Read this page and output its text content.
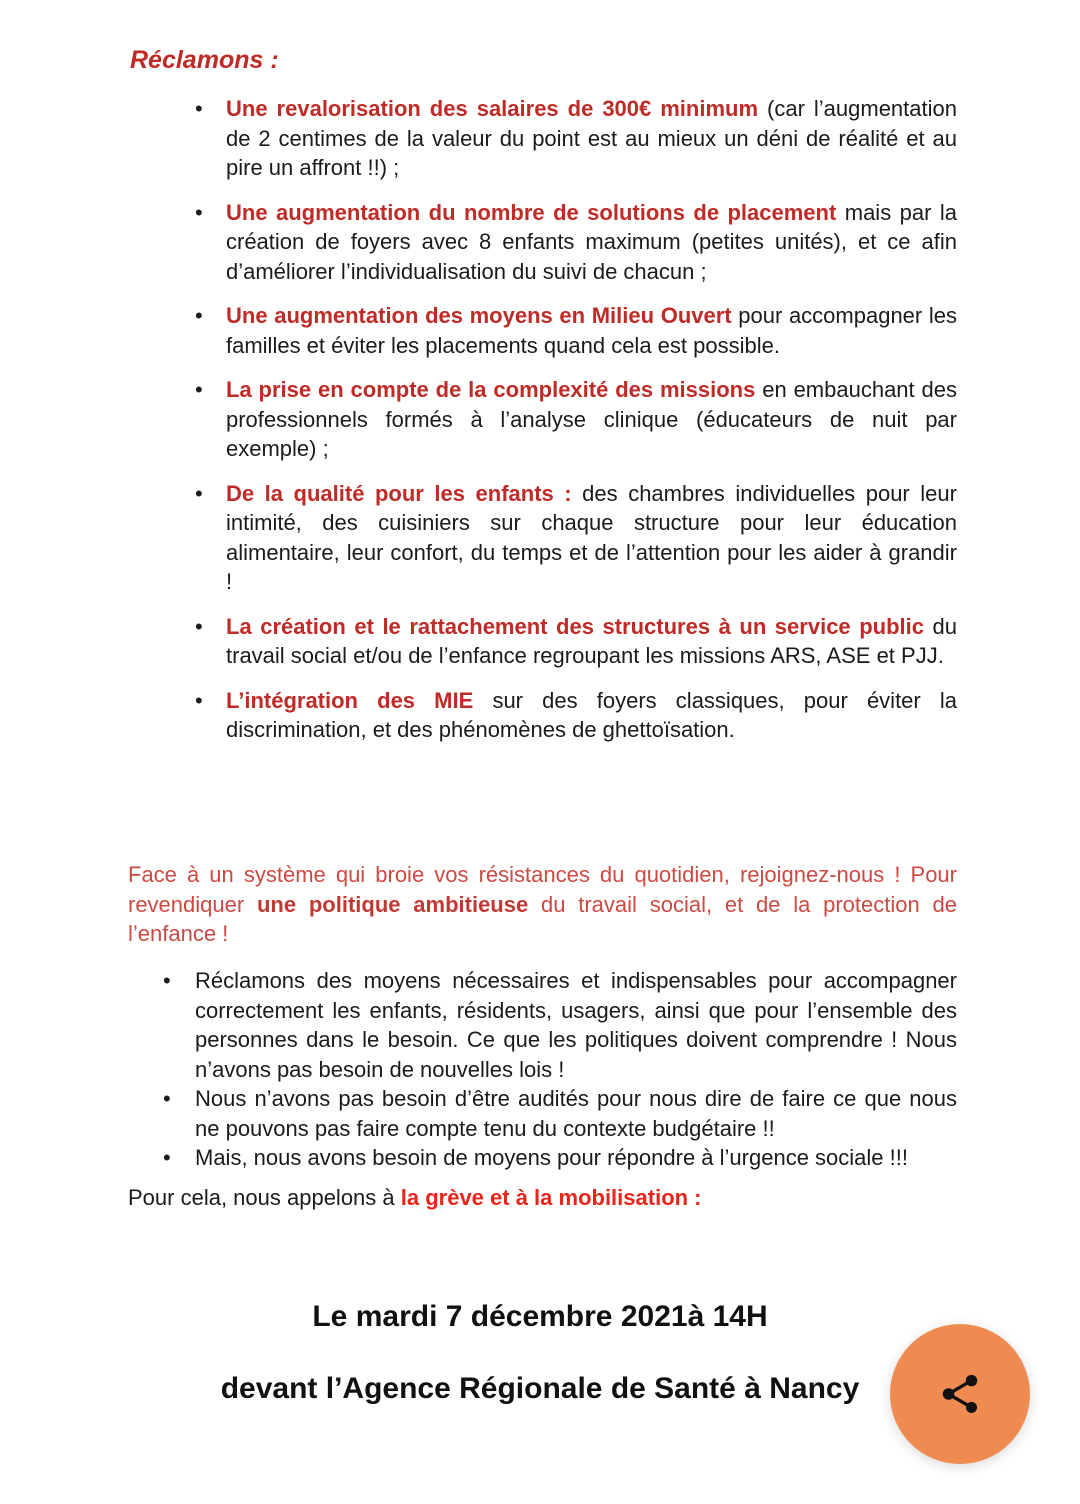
Réclamons :
• Une revalorisation des salaires de 300€ minimum (car l’augmentation de 2 centimes de la valeur du point est au mieux un déni de réalité et au pire un affront !!) ;
• Une augmentation du nombre de solutions de placement mais par la création de foyers avec 8 enfants maximum (petites unités), et ce afin d’améliorer l’individualisation du suivi de chacun ;
• Une augmentation des moyens en Milieu Ouvert pour accompagner les familles et éviter les placements quand cela est possible.
• La prise en compte de la complexité des missions en embauchant des professionnels formés à l’analyse clinique (éducateurs de nuit par exemple) ;
• De la qualité pour les enfants : des chambres individuelles pour leur intimité, des cuisiniers sur chaque structure pour leur éducation alimentaire, leur confort, du temps et de l’attention pour les aider à grandir !
• La création et le rattachement des structures à un service public du travail social et/ou de l’enfance regroupant les missions ARS, ASE et PJJ.
• L’intégration des MIE sur des foyers classiques, pour éviter la discrimination, et des phénomènes de ghettoïsation.

Face à un système qui broie vos résistances du quotidien, rejoignez-nous ! Pour revendiquer une politique ambitieuse du travail social, et de la protection de l’enfance !

• Réclamons des moyens nécessaires et indispensables pour accompagner correctement les enfants, résidents, usagers, ainsi que pour l’ensemble des personnes dans le besoin. Ce que les politiques doivent comprendre ! Nous n’avons pas besoin de nouvelles lois !
• Nous n’avons pas besoin d’être audités pour nous dire de faire ce que nous ne pouvons pas faire compte tenu du contexte budgétaire !!
• Mais, nous avons besoin de moyens pour répondre à l’urgence sociale !!!

Pour cela, nous appelons à la grève et à la mobilisation :

Le mardi 7 décembre 2021à 14H
devant l’Agence Régionale de Santé à Nancy
